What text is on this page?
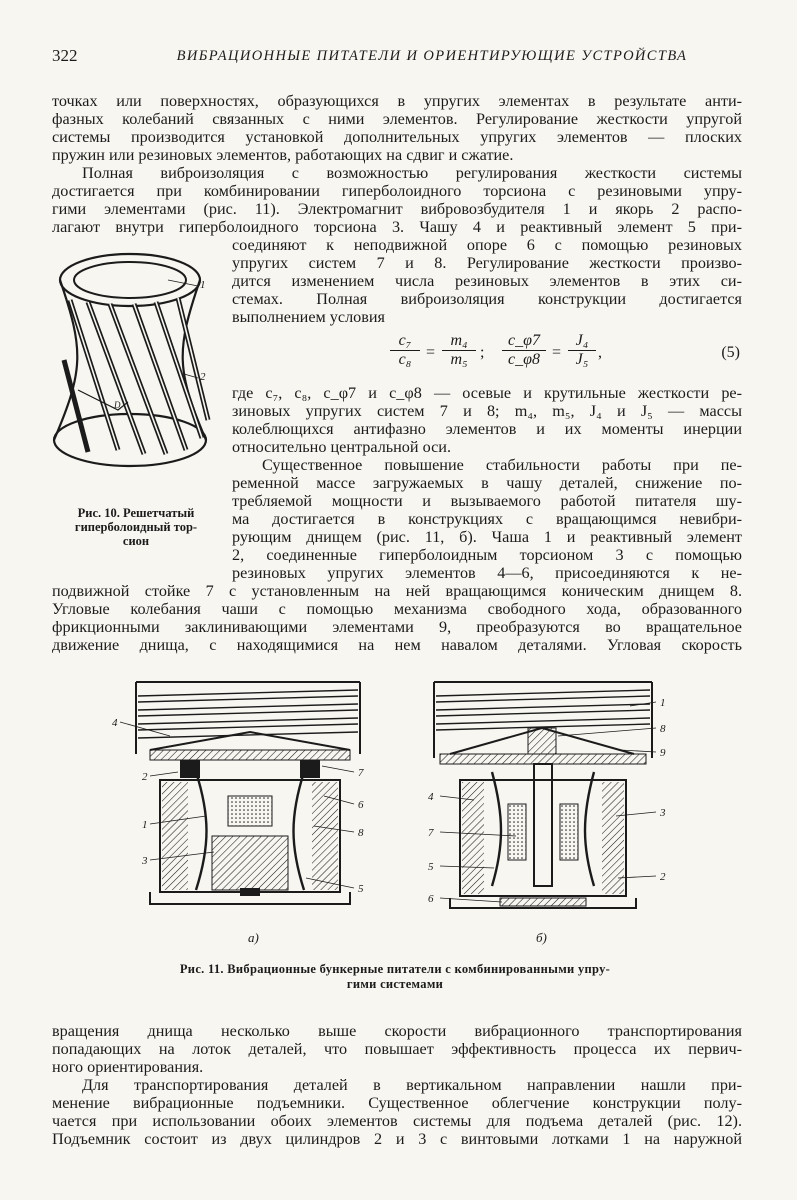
322	ВИБРАЦИОННЫЕ ПИТАТЕЛИ И ОРИЕНТИРУЮЩИЕ УСТРОЙСТВА
точках или поверхностях, образующихся в упругих элементах в результате анти-
фазных колебаний связанных с ними элементов. Регулирование жесткости упругой
системы производится установкой дополнительных упругих элементов — плоских
пружин или резиновых элементов, работающих на сдвиг и сжатие.
Полная виброизоляция с возможностью регулирования жесткости системы
достигается при комбинировании гиперболоидного торсиона с резиновыми упру-
гими элементами (рис. 11). Электромагнит вибровозбудителя 1 и якорь 2 распо-
лагают внутри гиперболоидного торсиона 3. Чашу 4 и реактивный элемент 5 при-
соединяют к неподвижной опоре 6 с помощью резиновых
упругих систем 7 и 8. Регулирование жесткости произво-
дится изменением числа резиновых элементов в этих си-
стемах. Полная виброизоляция конструкции достигается
выполнением условия
$\frac{\text{c₇}}{\text{c₈}} = \frac{\text{m₄}}{\text{m₅}}$ ; $\frac{c\_\varphi 7}{c\_\varphi 8} = \frac{\text{J₄}}{\text{J₅}}$ ,	(5)
где c₇, c₈, c_φ7 и c_φ8 — осевые и крутильные жесткости ре-
зиновых упругих систем 7 и 8; m₄, m₅, J₄ и J₅ — массы
колеблющихся антифазно элементов и их моменты инерции
относительно центральной оси.
Существенное повышение стабильности работы при пе-
ременной массе загружаемых в чашу деталей, снижение по-
требляемой мощности и вызываемого работой питателя шу-
ма достигается в конструкциях с вращающимся невибри-
рующим днищем (рис. 11, б). Чаша 1 и реактивный элемент
2, соединенные гиперболоидным торсионом 3 с помощью
резиновых упругих элементов 4—6, присоединяются к не-
подвижной стойке 7 с установленным на ней вращающимся коническим днищем 8.
Угловые колебания чаши с помощью механизма свободного хода, образованного
фрикционными заклинивающими элементами 9, преобразуются во вращательное
движение днища, с находящимися на нем навалом деталями. Угловая скорость
1
2
D
Рис. 10. Решетчатый
гиперболоидный тор-
сион
4
2
1
3
7
6
8
5
а)
1
8
9
4
3
7
5
2
6
б)
Рис. 11. Вибрационные бункерные питатели с комбинированными упру-
гими системами
вращения днища несколько выше скорости вибрационного транспортирования
попадающих на лоток деталей, что повышает эффективность процесса их первич-
ного ориентирования.
Для транспортирования деталей в вертикальном направлении нашли при-
менение вибрационные подъемники. Существенное облегчение конструкции полу-
чается при использовании обоих элементов системы для подъема деталей (рис. 12).
Подъемник состоит из двух цилиндров 2 и 3 с винтовыми лотками 1 на наружной
